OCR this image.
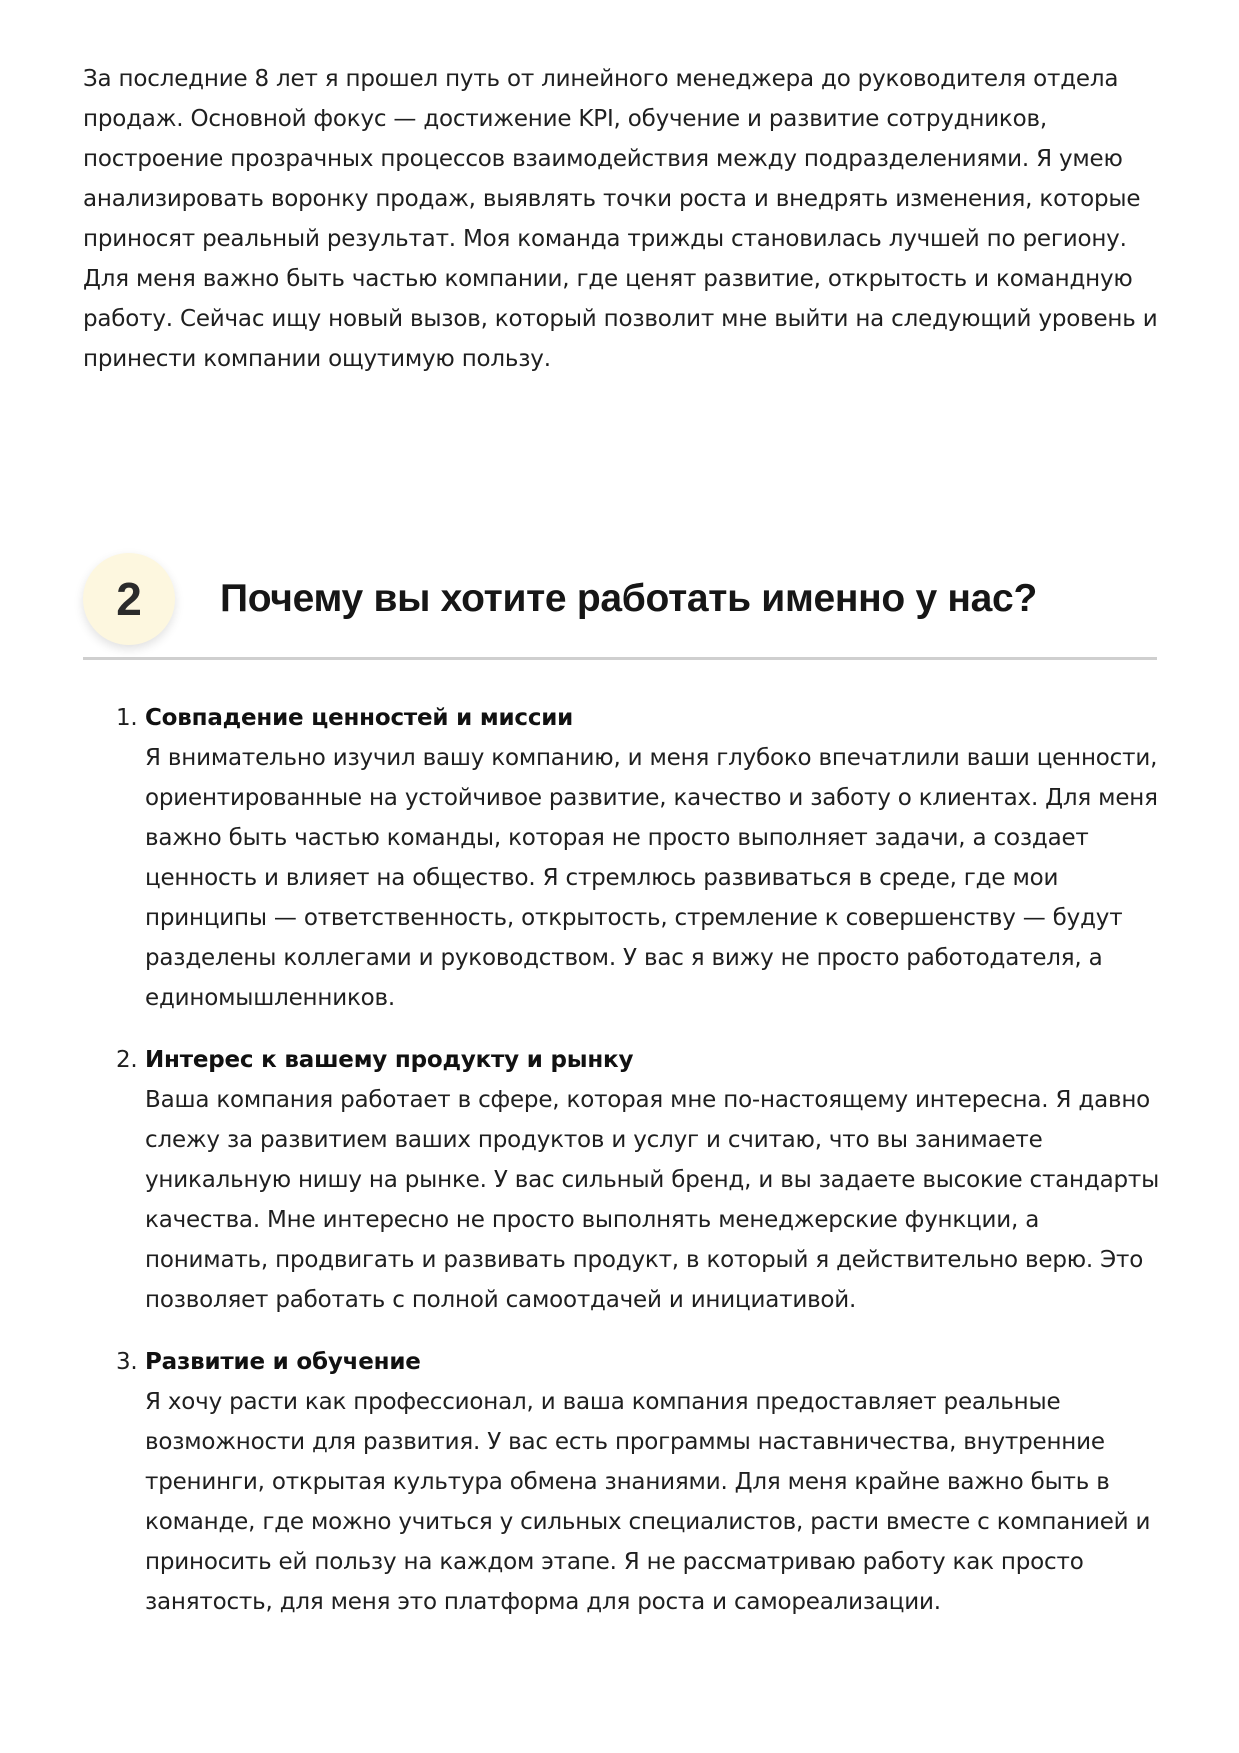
За последние 8 лет я прошел путь от линейного менеджера до руководителя отдела продаж. Основной фокус — достижение KPI, обучение и развитие сотрудников, построение прозрачных процессов взаимодействия между подразделениями. Я умею анализировать воронку продаж, выявлять точки роста и внедрять изменения, которые приносят реальный результат. Моя команда трижды становилась лучшей по региону. Для меня важно быть частью компании, где ценят развитие, открытость и командную работу. Сейчас ищу новый вызов, который позволит мне выйти на следующий уровень и принести компании ощутимую пользу.

2	Почему вы хотите работать именно у нас?
1. Совпадение ценностей и миссии
Я внимательно изучил вашу компанию, и меня глубоко впечатлили ваши ценности, ориентированные на устойчивое развитие, качество и заботу о клиентах. Для меня важно быть частью команды, которая не просто выполняет задачи, а создает ценность и влияет на общество. Я стремлюсь развиваться в среде, где мои принципы — ответственность, открытость, стремление к совершенству — будут разделены коллегами и руководством. У вас я вижу не просто работодателя, а единомышленников.
2. Интерес к вашему продукту и рынку
Ваша компания работает в сфере, которая мне по-настоящему интересна. Я давно слежу за развитием ваших продуктов и услуг и считаю, что вы занимаете уникальную нишу на рынке. У вас сильный бренд, и вы задаете высокие стандарты качества. Мне интересно не просто выполнять менеджерские функции, а понимать, продвигать и развивать продукт, в который я действительно верю. Это позволяет работать с полной самоотдачей и инициативой.
3. Развитие и обучение
Я хочу расти как профессионал, и ваша компания предоставляет реальные возможности для развития. У вас есть программы наставничества, внутренние тренинги, открытая культура обмена знаниями. Для меня крайне важно быть в команде, где можно учиться у сильных специалистов, расти вместе с компанией и приносить ей пользу на каждом этапе. Я не рассматриваю работу как просто занятость, для меня это платформа для роста и самореализации.
